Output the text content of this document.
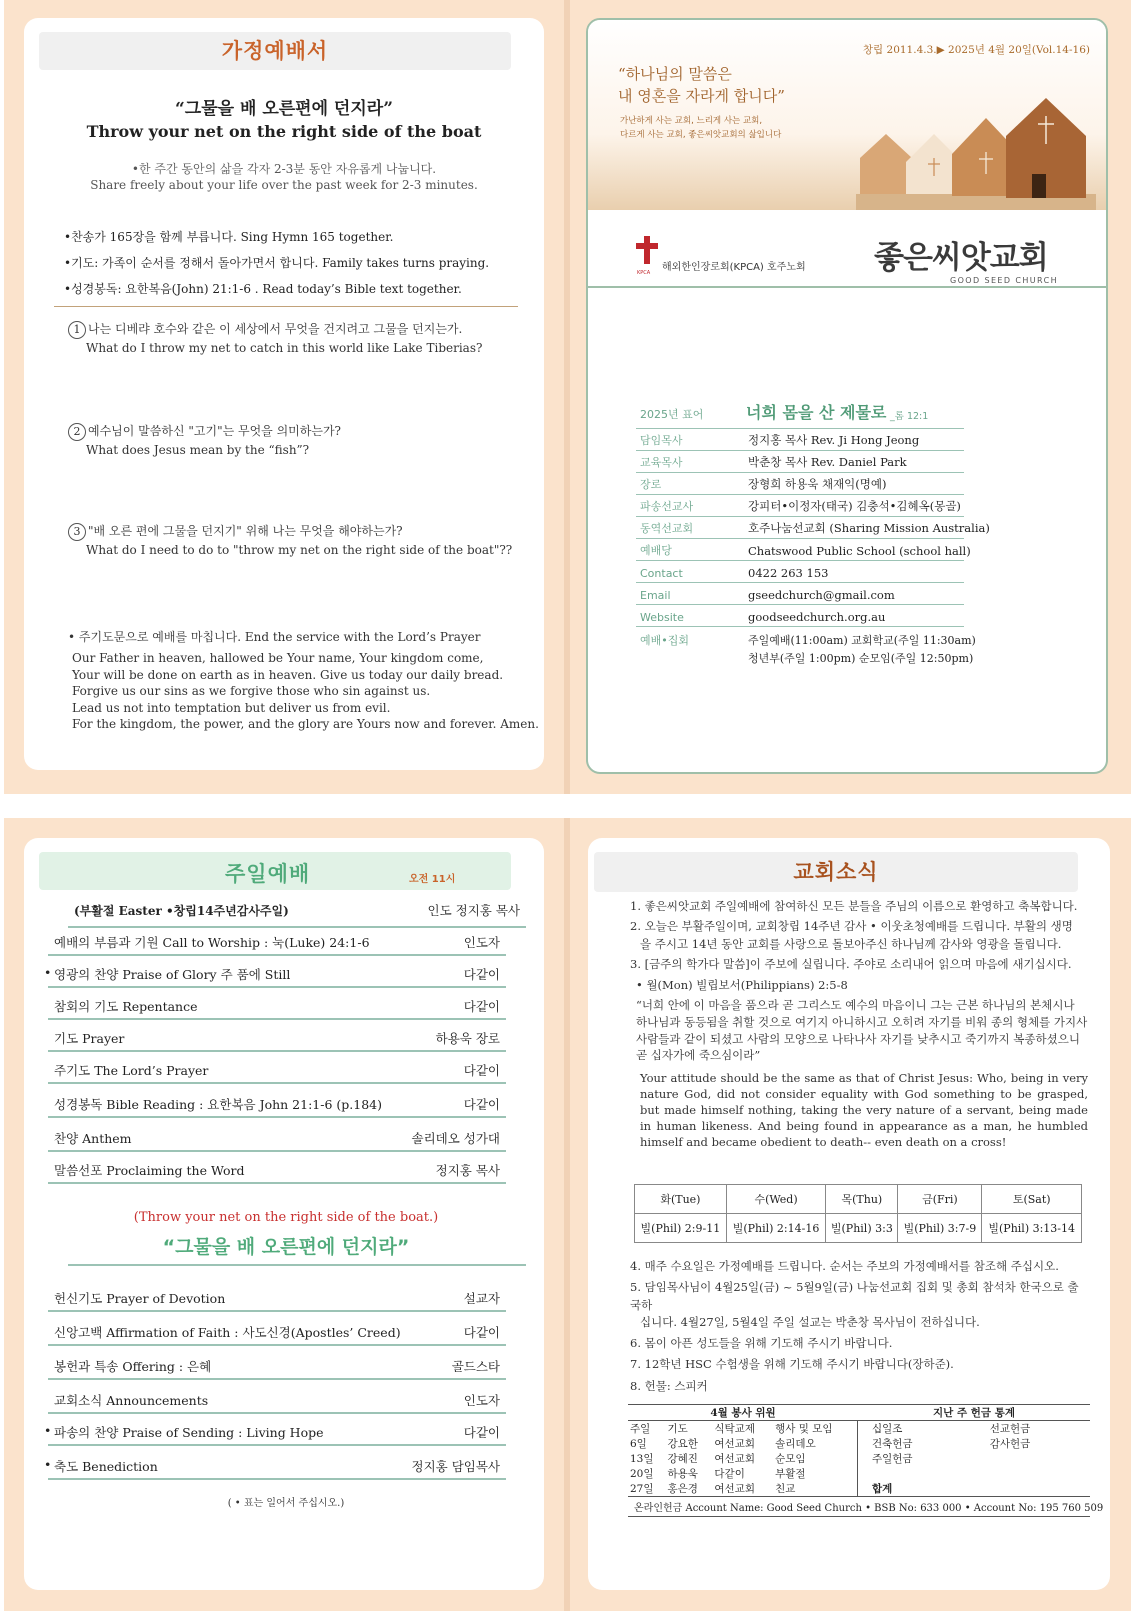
가정예배서
“그물을 배 오른편에 던지라”
Throw your net on the right side of the boat
•한 주간 동안의 삶을 각자 2-3분 동안 자유롭게 나눕니다.
Share freely about your life over the past week for 2-3 minutes.
•찬송가 165장을 함께 부릅니다. Sing Hymn 165 together.
•기도: 가족이 순서를 정해서 돌아가면서 합니다. Family takes turns praying.
•성경봉독: 요한복음(John) 21:1-6 . Read today’s Bible text together.
1 나는 디베랴 호수와 같은 이 세상에서 무엇을 건지려고 그물을 던지는가.
What do I throw my net to catch in this world like Lake Tiberias?
2 예수님이 말씀하신 "고기"는 무엇을 의미하는가?
What does Jesus mean by the “fish”?
3 "배 오른 편에 그물을 던지기" 위해 나는 무엇을 해야하는가?
What do I need to do to "throw my net on the right side of the boat"??
• 주기도문으로 예배를 마칩니다. End the service with the Lord’s Prayer
Our Father in heaven, hallowed be Your name, Your kingdom come,
Your will be done on earth as in heaven. Give us today our daily bread.
Forgive us our sins as we forgive those who sin against us.
Lead us not into temptation but deliver us from evil.
For the kingdom, the power, and the glory are Yours now and forever. Amen.
창립 2011.4.3.▶ 2025년 4월 20일(Vol.14-16)
“하나님의 말씀은
내 영혼을 자라게 합니다”
가난하게 사는 교회, 느리게 사는 교회,
다르게 사는 교회, 좋은씨앗교회의 삶입니다
KPCA 해외한인장로회(KPCA) 호주노회 좋은씨앗교회
GOOD SEED CHURCH
2025년 표어	너희 몸을 산 제물로 _롬 12:1
담임목사	정지홍 목사 Rev. Ji Hong Jeong
교육목사	박춘창 목사 Rev. Daniel Park
장로	장형희 하용욱 채재익(명예)
파송선교사	강피터•이정자(태국) 김충석•김혜옥(몽골)
동역선교회	호주나눔선교회 (Sharing Mission Australia)
예배당	Chatswood Public School (school hall)
Contact	0422 263 153
Email	gseedchurch@gmail.com
Website	goodseedchurch.org.au
예배•집회	주일예배(11:00am) 교회학교(주일 11:30am)
청년부(주일 1:00pm) 순모임(주일 12:50pm)
주일예배	오전 11시
(부활절 Easter •창립14주년감사주일)	인도 정지홍 목사
예배의 부름과 기원 Call to Worship : 눅(Luke) 24:1-6	인도자
• 영광의 찬양 Praise of Glory 주 품에 Still	다같이
참회의 기도 Repentance	다같이
기도 Prayer	하용욱 장로
주기도 The Lord’s Prayer	다같이
성경봉독 Bible Reading : 요한복음 John 21:1-6 (p.184)	다같이
찬양 Anthem	솔리데오 성가대
말씀선포 Proclaiming the Word	정지홍 목사
(Throw your net on the right side of the boat.)
“그물을 배 오른편에 던지라”
헌신기도 Prayer of Devotion	설교자
신앙고백 Affirmation of Faith : 사도신경(Apostles’ Creed)	다같이
봉헌과 특송 Offering : 은혜	골드스타
교회소식 Announcements	인도자
• 파송의 찬양 Praise of Sending : Living Hope	다같이
• 축도 Benediction	정지홍 담임목사
( • 표는 일어서 주십시오.)
교회소식
1. 좋은씨앗교회 주일예배에 참여하신 모든 분들을 주님의 이름으로 환영하고 축복합니다.
2. 오늘은 부활주일이며, 교회창립 14주년 감사 • 이웃초청예배를 드립니다. 부활의 생명
을 주시고 14년 동안 교회를 사랑으로 돌보아주신 하나님께 감사와 영광을 돌립니다.
3. [금주의 학가다 말씀]이 주보에 실립니다. 주야로 소리내어 읽으며 마음에 새기십시다.
• 월(Mon) 빌립보서(Philippians) 2:5-8
“너희 안에 이 마음을 품으라 곧 그리스도 예수의 마음이니 그는 근본 하나님의 본체시나 하나님과 동등됨을 취할 것으로 여기지 아니하시고 오히려 자기를 비워 종의 형체를 가지사 사람들과 같이 되셨고 사람의 모양으로 나타나사 자기를 낮추시고 죽기까지 복종하셨으니 곧 십자가에 죽으심이라”
Your attitude should be the same as that of Christ Jesus: Who, being in very nature God, did not consider equality with God something to be grasped, but made himself nothing, taking the very nature of a servant, being made in human likeness. And being found in appearance as a man, he humbled himself and became obedient to death-- even death on a cross!
화(Tue)	수(Wed)	목(Thu)	금(Fri)	토(Sat)
빌(Phil) 2:9-11	빌(Phil) 2:14-16	빌(Phil) 3:3	빌(Phil) 3:7-9	빌(Phil) 3:13-14
4. 매주 수요일은 가정예배를 드립니다. 순서는 주보의 가정예배서를 참조해 주십시오.
5. 담임목사님이 4월25일(금) ~ 5월9일(금) 나눔선교회 집회 및 총회 참석차 한국으로 출국하
십니다. 4월27일, 5월4일 주일 설교는 박춘창 목사님이 전하십니다.
6. 몸이 아픈 성도들을 위해 기도해 주시기 바랍니다.
7. 12학년 HSC 수험생을 위해 기도해 주시기 바랍니다(장하준).
8. 헌물: 스피커
4월 봉사 위원	지난 주 헌금 통계
주일	기도	식탁교제	행사 및 모임
6일	강요한	여선교회	솔리데오
13일	강혜진	여선교회	순모임
20일	하용욱	다같이	부활절
27일	홍은경	여선교회	친교
십일조	선교헌금
건축헌금	감사헌금
주일헌금	

합계	
온라인헌금 Account Name: Good Seed Church • BSB No: 633 000 • Account No: 195 760 509
